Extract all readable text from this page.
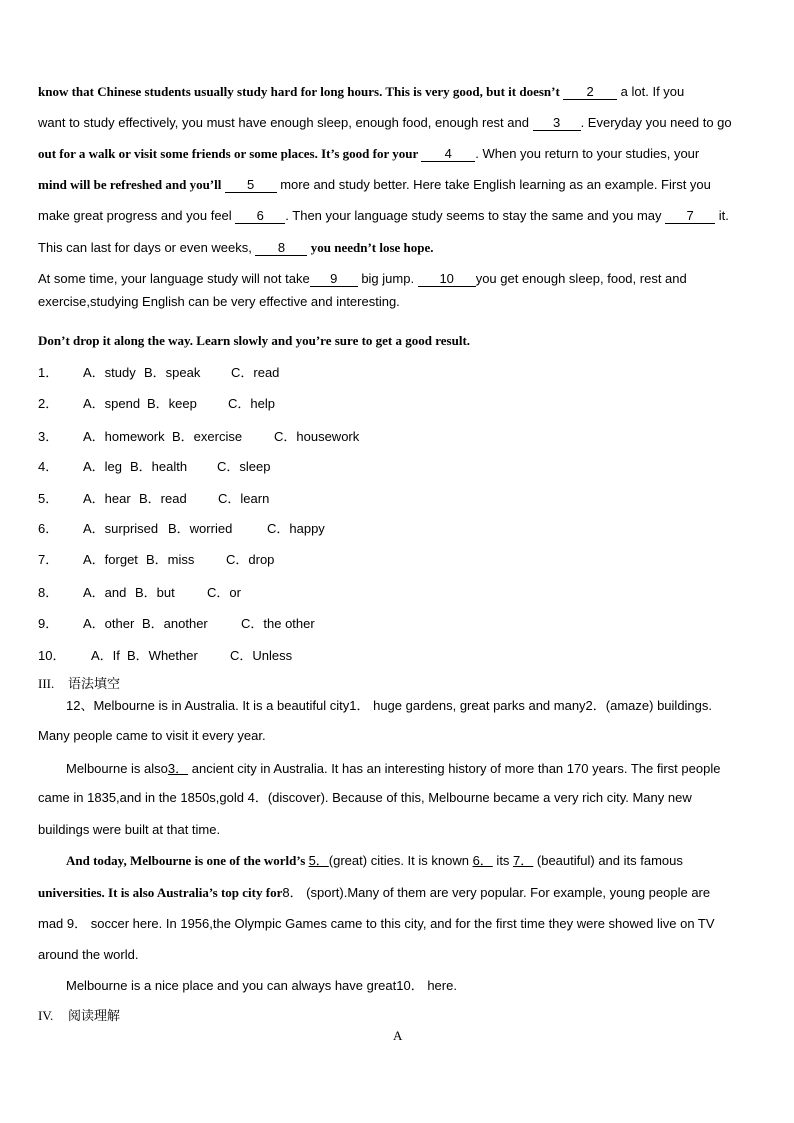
know that Chinese students usually study hard for long hours. This is very good, but it doesn’t 2 a lot. If you
want to study effectively, you must have enough sleep, enough food, enough rest and 3 . Everyday you need to go
out for a walk or visit some friends or some places. It’s good for your 4 . When you return to your studies, your
mind will be refreshed and you’ll 5 more and study better. Here take English learning as an example. First you
make great progress and you feel 6 . Then your language study seems to stay the same and you may 7 it.
This can last for days or even weeks, 8 you needn’t lose hope.
At some time, your language study will not take 9 big jump. 10 you get enough sleep, food, rest and
exercise,studying English can be very effective and interesting.
Don’t drop it along the way. Learn slowly and you’re sure to get a good result.
1． A．study B．speak C．read
2． A．spend B．keep C．help
3． A．homework B．exercise C．housework
4． A．leg B．health C．sleep
5． A．hear B．read C．learn
6． A．surprised B．worried	C．happy
7． A．forget B．miss C．drop
8． A．and B．but C．or
9． A．other B．another	C．the other
10． A．If B．Whether C．Unless
III. 语法填空
12、Melbourne is in Australia. It is a beautiful city1． huge gardens, great parks and many2．(amaze) buildings.
Many people came to visit it every year.
Melbourne is also3． ancient city in Australia. It has an interesting history of more than 170 years. The first people
came in 1835,and in the 1850s,gold 4．(discover). Because of this, Melbourne became a very rich city. Many new
buildings were built at that time.
And today, Melbourne is one of the world’s 5．(great) cities. It is known 6． its 7． (beautiful) and its famous
universities. It is also Australia’s top city for8． (sport).Many of them are very popular. For example, young people are
mad 9． soccer here. In 1956,the Olympic Games came to this city, and for the first time they were showed live on TV
around the world.
Melbourne is a nice place and you can always have great10． here.
IV. 阅读理解
A
